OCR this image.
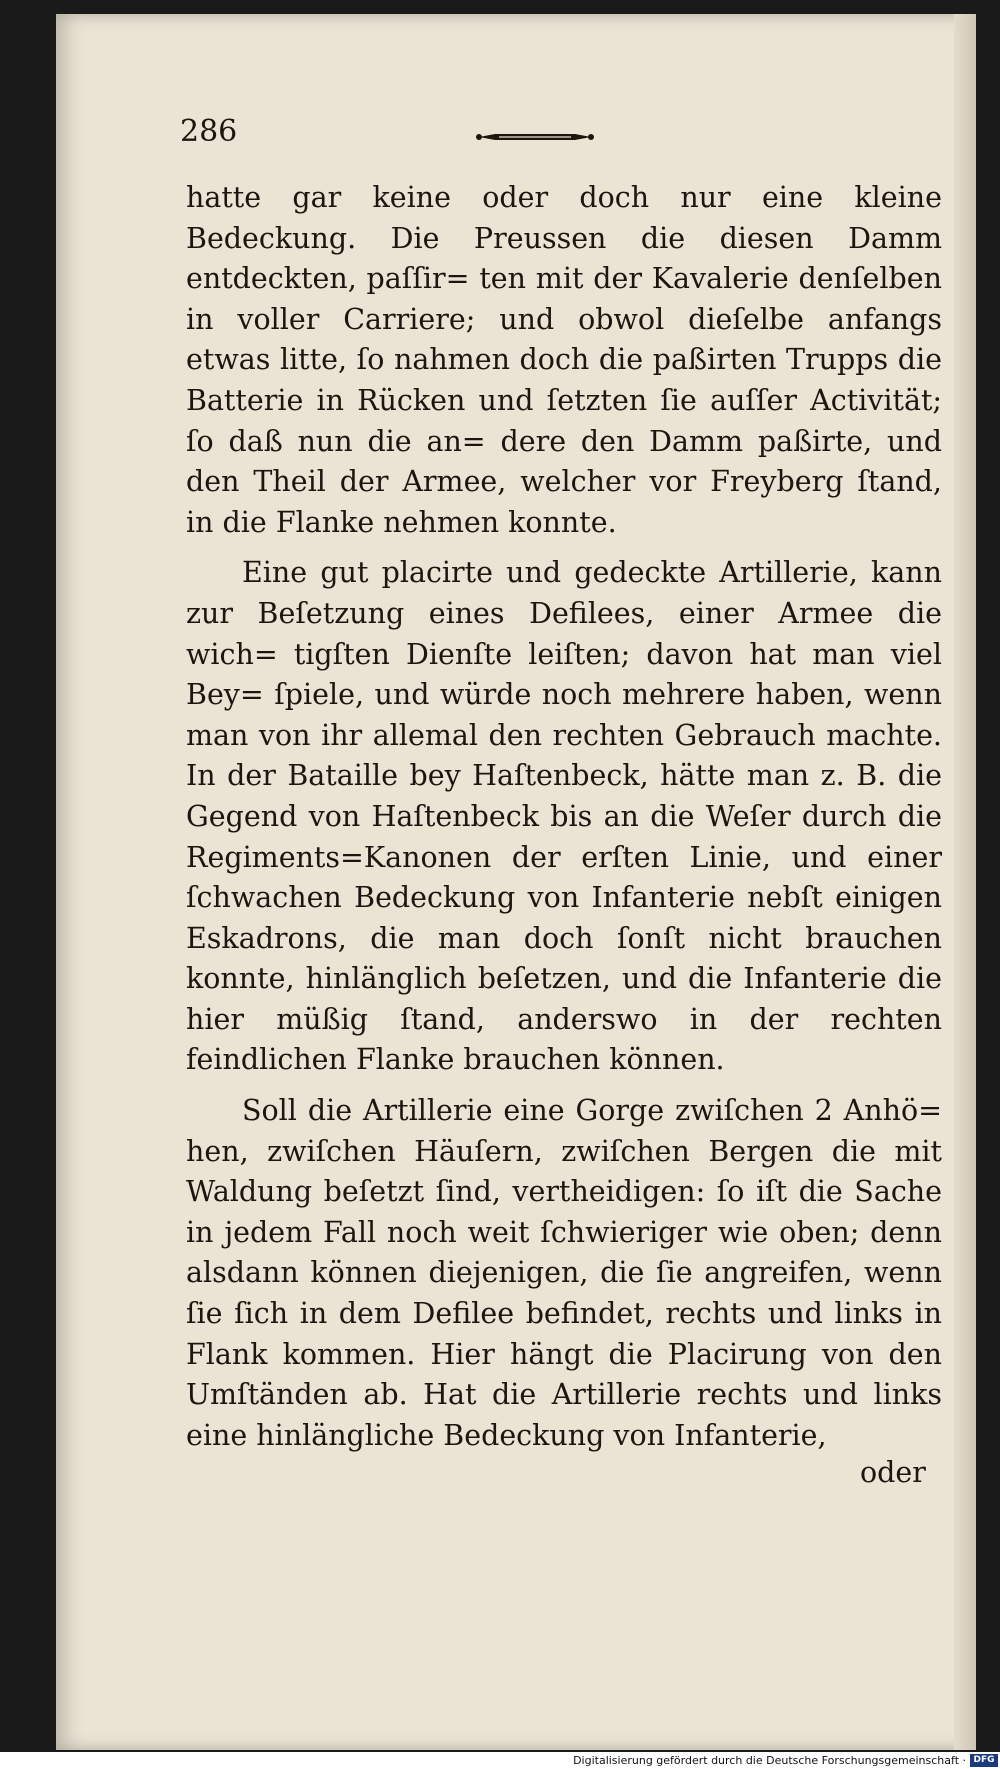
286

hatte gar keine oder doch nur eine kleine Bedeckung. Die Preussen die diesen Damm entdeckten, paſſir= ten mit der Kavalerie denſelben in voller Carriere; und obwol dieſelbe anfangs etwas litte, ſo nahmen doch die paßirten Trupps die Batterie in Rücken und ſetzten ſie auſſer Activität; ſo daß nun die an= dere den Damm paßirte, und den Theil der Armee, welcher vor Freyberg ſtand, in die Flanke nehmen konnte.

Eine gut placirte und gedeckte Artillerie, kann zur Beſetzung eines Defilees, einer Armee die wich= tigſten Dienſte leiſten; davon hat man viel Bey= ſpiele, und würde noch mehrere haben, wenn man von ihr allemal den rechten Gebrauch machte. In der Bataille bey Haſtenbeck, hätte man z. B. die Gegend von Haſtenbeck bis an die Weſer durch die Regiments=Kanonen der erſten Linie, und einer ſchwachen Bedeckung von Infanterie nebſt einigen Eskadrons, die man doch ſonſt nicht brauchen konnte, hinlänglich beſetzen, und die Infanterie die hier müßig ſtand, anderswo in der rechten feindlichen Flanke brauchen können.

Soll die Artillerie eine Gorge zwiſchen 2 Anhö= hen, zwiſchen Häuſern, zwiſchen Bergen die mit Waldung beſetzt ſind, vertheidigen: ſo iſt die Sache in jedem Fall noch weit ſchwieriger wie oben; denn alsdann können diejenigen, die ſie angreifen, wenn ſie ſich in dem Defilee befindet, rechts und links in Flank kommen. Hier hängt die Placirung von den Umſtänden ab. Hat die Artillerie rechts und links eine hinlängliche Bedeckung von Infanterie,

oder
Digitalisierung gefördert durch die Deutsche Forschungsgemeinschaft · DFG
